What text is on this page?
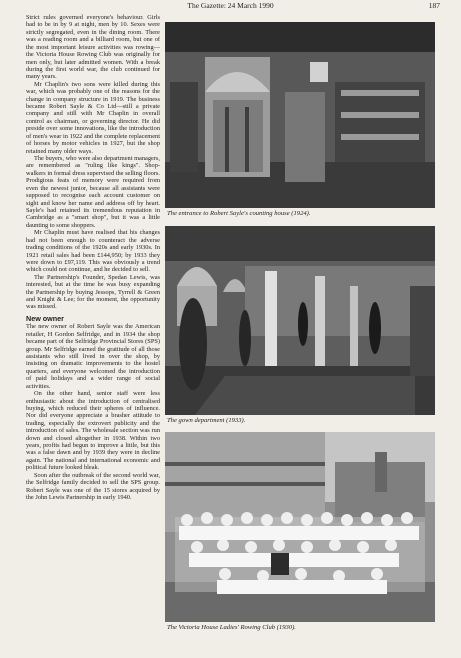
The Gazette: 24 March 1990	187

Strict rules governed everyone's behaviour. Girls had to be in by 9 at night, men by 10. Sexes were strictly segregated, even in the dining room. There was a reading room and a billiard room, but one of the most important leisure activities was rowing—the Victoria House Rowing Club was originally for men only, but later admitted women. With a break during the first world war, the club continued for many years.

Mr Chaplin's two sons were killed during this war, which was probably one of the reasons for the change in company structure in 1919. The business became Robert Sayle & Co Ltd—still a private company and still with Mr Chaplin in overall control as chairman, or governing director. He did preside over some innovations, like the introduction of men's wear in 1922 and the complete replacement of horses by motor vehicles in 1927, but the shop retained many older ways.

The buyers, who were also department managers, are remembered as "ruling like kings". Shop-walkers in formal dress supervised the selling floors. Prodigious feats of memory were required from even the newest junior, because all assistants were supposed to recognise each account customer on sight and know her name and address off by heart. Sayle's had retained its tremendous reputation in Cambridge as a "smart shop", but it was a little daunting to some shoppers.

Mr Chaplin must have realised that his changes had not been enough to counteract the adverse trading conditions of the 1920s and early 1930s. In 1921 retail sales had been £144,950; by 1933 they were down to £97,119. This was obviously a trend which could not continue, and he decided to sell.

The Partnership's Founder, Spedan Lewis, was interested, but at the time he was busy expanding the Partnership by buying Jessops, Tyrrell & Green and Knight & Lee; for the moment, the opportunity was missed.

New owner

The new owner of Robert Sayle was the American retailer, H Gordon Selfridge, and in 1934 the shop became part of the Selfridge Provincial Stores (SPS) group. Mr Selfridge earned the gratitude of all those assistants who still lived in over the shop, by insisting on dramatic improvements to the hostel quarters, and everyone welcomed the introduction of paid holidays and a wider range of social activities.

On the other hand, senior staff were less enthusiastic about the introduction of centralised buying, which reduced their spheres of influence. Nor did everyone appreciate a brasher attitude to trading, especially the extrovert publicity and the introduction of sales. The wholesale section was run down and closed altogether in 1938. Within two years, profits had begun to improve a little, but this was a false dawn and by 1939 they were in decline again. The national and international economic and political future looked bleak.

Soon after the outbreak of the second world war, the Selfridge family decided to sell the SPS group. Robert Sayle was one of the 15 stores acquired by the John Lewis Partnership in early 1940.

The entrance to Robert Sayle's counting house (1924).
The gown department (1933).
The Victoria House Ladies' Rowing Club (1930).
